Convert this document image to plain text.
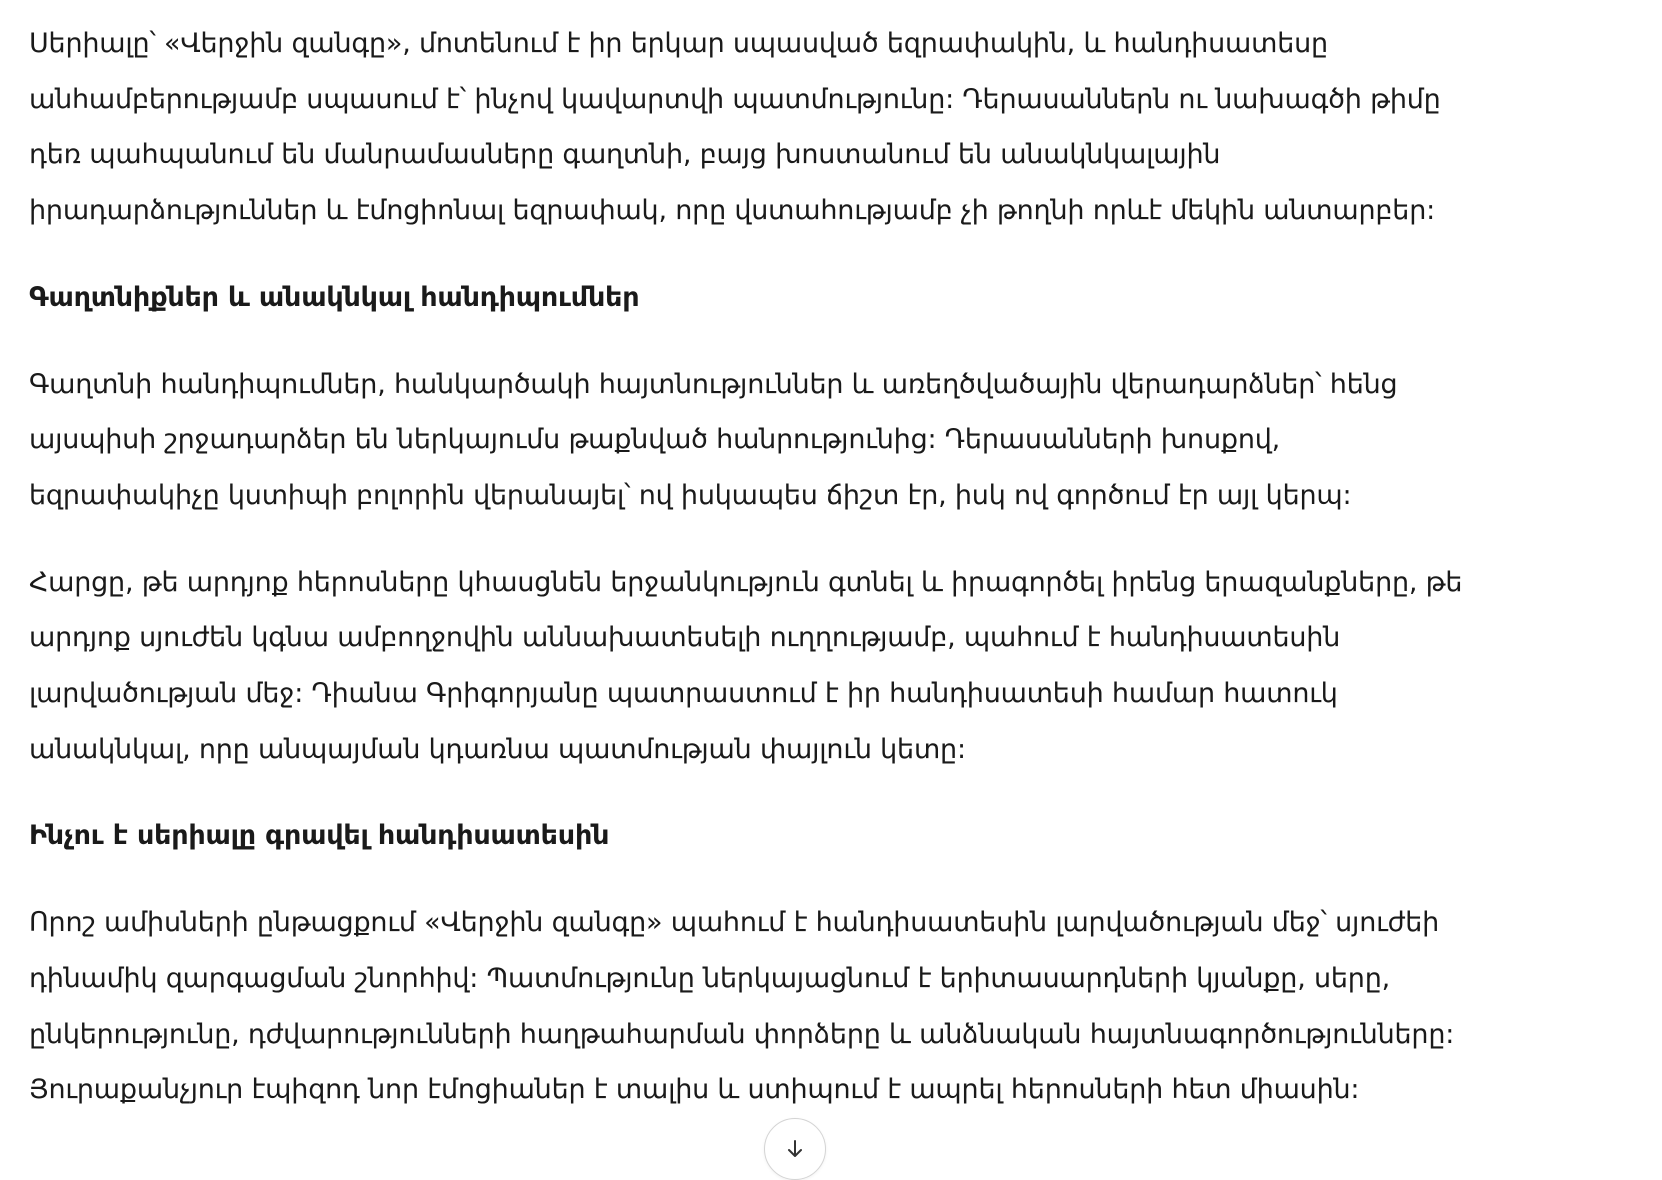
Սերիալը՝ «Վերջին զանգը», մոտենում է իր երկար սպասված եզրափակին, և հանդիսատեսը
անհամբերությամբ սպասում է՝ ինչով կավարտվի պատմությունը: Դերասաններն ու նախագծի թիմը
դեռ պահպանում են մանրամասները գաղտնի, բայց խոստանում են անակնկալային
իրադարձություններ և էմոցիոնալ եզրափակ, որը վստահությամբ չի թողնի որևէ մեկին անտարբեր:

Գաղտնիքներ և անակնկալ հանդիպումներ

Գաղտնի հանդիպումներ, հանկարծակի հայտնություններ և առեղծվածային վերադարձներ՝ հենց
այսպիսի շրջադարձեր են ներկայումս թաքնված հանրությունից: Դերասանների խոսքով,
եզրափակիչը կստիպի բոլորին վերանայել՝ ով իսկապես ճիշտ էր, իսկ ով գործում էր այլ կերպ:

Հարցը, թե արդյոք հերոսները կհասցնեն երջանկություն գտնել և իրագործել իրենց երազանքները, թե
արդյոք սյուժեն կգնա ամբողջովին աննախատեսելի ուղղությամբ, պահում է հանդիսատեսին
լարվածության մեջ: Դիանա Գրիգորյանը պատրաստում է իր հանդիսատեսի համար հատուկ
անակնկալ, որը անպայման կդառնա պատմության փայլուն կետը:

Ինչու է սերիալը գրավել հանդիսատեսին

Որոշ ամիսների ընթացքում «Վերջին զանգը» պահում է հանդիսատեսին լարվածության մեջ՝ սյուժեի
դինամիկ զարգացման շնորհիվ: Պատմությունը ներկայացնում է երիտասարդների կյանքը, սերը,
ընկերությունը, դժվարությունների հաղթահարման փորձերը և անձնական հայտնագործությունները:
Յուրաքանչյուր էպիզոդ նոր էմոցիաներ է տալիս և ստիպում է ապրել հերոսների հետ միասին:
